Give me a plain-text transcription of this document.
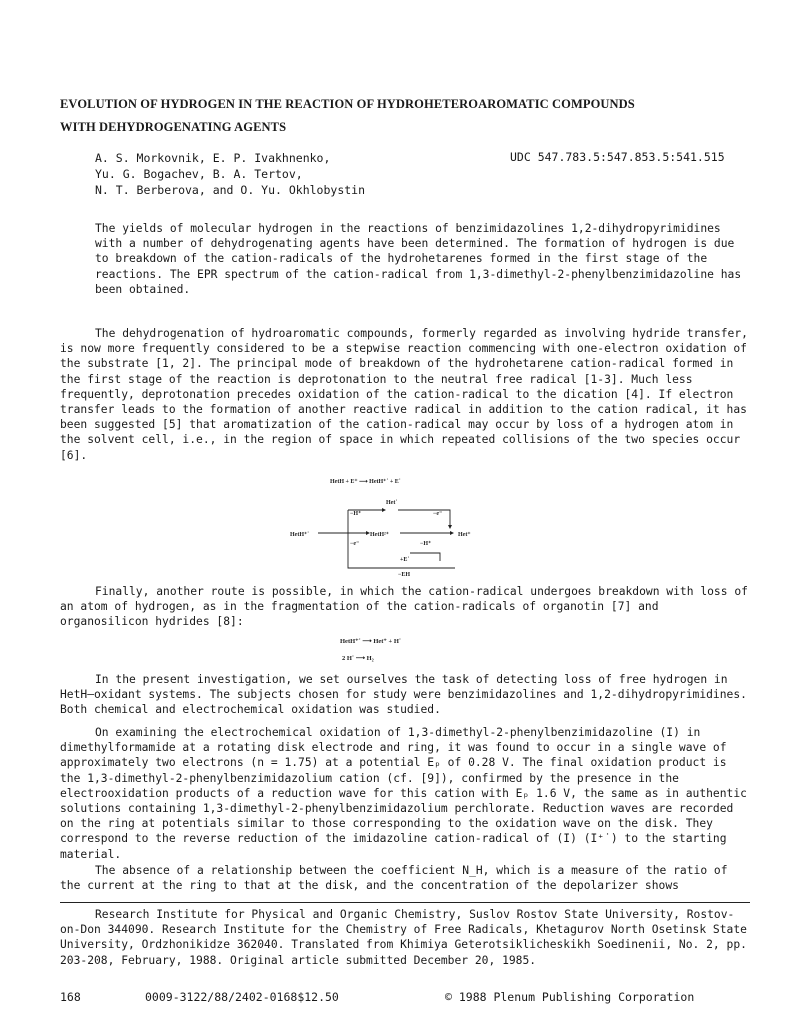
EVOLUTION OF HYDROGEN IN THE REACTION OF HYDROHETEROAROMATIC COMPOUNDS
WITH DEHYDROGENATING AGENTS
A. S. Morkovnik, E. P. Ivakhnenko,
Yu. G. Bogachev, B. A. Tertov,
N. T. Berberova, and O. Yu. Okhlobystin
UDC 547.783.5:547.853.5:541.515

The yields of molecular hydrogen in the reactions of benzimidazolines 1,2-dihydropyrimidines with a number of dehydrogenating agents have been determined. The formation of hydrogen is due to breakdown of the cation-radicals of the hydrohetarenes formed in the first stage of the reactions. The EPR spectrum of the cation-radical from 1,3-dimethyl-2-phenylbenzimidazoline has been obtained.

The dehydrogenation of hydroaromatic compounds, formerly regarded as involving hydride transfer, is now more frequently considered to be a stepwise reaction commencing with one-electron oxidation of the substrate [1, 2]. The principal mode of breakdown of the hydrohetarene cation-radical formed in the first stage of the reaction is deprotonation to the neutral free radical [1-3]. Much less frequently, deprotonation precedes oxidation of the cation-radical to the dication [4]. If electron transfer leads to the formation of another reactive radical in addition to the cation radical, it has been suggested [5] that aromatization of the cation-radical may occur by loss of a hydrogen atom in the solvent cell, i.e., in the region of space in which repeated collisions of the two species occur [6].

HetH + E⁺ ⟶ HetH⁺˙ + E˙
Het˙
HetH⁺˙	HetH²⁺	Het⁺
−H⁺	−e⁻
−e⁻	−H⁺
+E˙
−EH

Finally, another route is possible, in which the cation-radical undergoes breakdown with loss of an atom of hydrogen, as in the fragmentation of the cation-radicals of organotin [7] and organosilicon hydrides [8]:

HetH⁺˙ ⟶ Het⁺ + H˙
2 H˙ ⟶ H₂

In the present investigation, we set ourselves the task of detecting loss of free hydrogen in HetH–oxidant systems. The subjects chosen for study were benzimidazolines and 1,2-dihydropyrimidines. Both chemical and electrochemical oxidation was studied.

On examining the electrochemical oxidation of 1,3-dimethyl-2-phenylbenzimidazoline (I) in dimethylformamide at a rotating disk electrode and ring, it was found to occur in a single wave of approximately two electrons (n = 1.75) at a potential Eₚ of 0.28 V. The final oxidation product is the 1,3-dimethyl-2-phenylbenzimidazolium cation (cf. [9]), confirmed by the presence in the electrooxidation products of a reduction wave for this cation with Eₚ 1.6 V, the same as in authentic solutions containing 1,3-dimethyl-2-phenylbenzimidazolium perchlorate. Reduction waves are recorded on the ring at potentials similar to those corresponding to the oxidation wave on the disk. They correspond to the reverse reduction of the imidazoline cation-radical of (I) (I⁺˙) to the starting material.

The absence of a relationship between the coefficient N_H, which is a measure of the ratio of the current at the ring to that at the disk, and the concentration of the depolarizer shows

Research Institute for Physical and Organic Chemistry, Suslov Rostov State University, Rostov-on-Don 344090. Research Institute for the Chemistry of Free Radicals, Khetagurov North Osetinsk State University, Ordzhonikidze 362040. Translated from Khimiya Geterotsiklicheskikh Soedinenii, No. 2, pp. 203-208, February, 1988. Original article submitted December 20, 1985.

168	0009-3122/88/2402-0168$12.50	© 1988 Plenum Publishing Corporation
